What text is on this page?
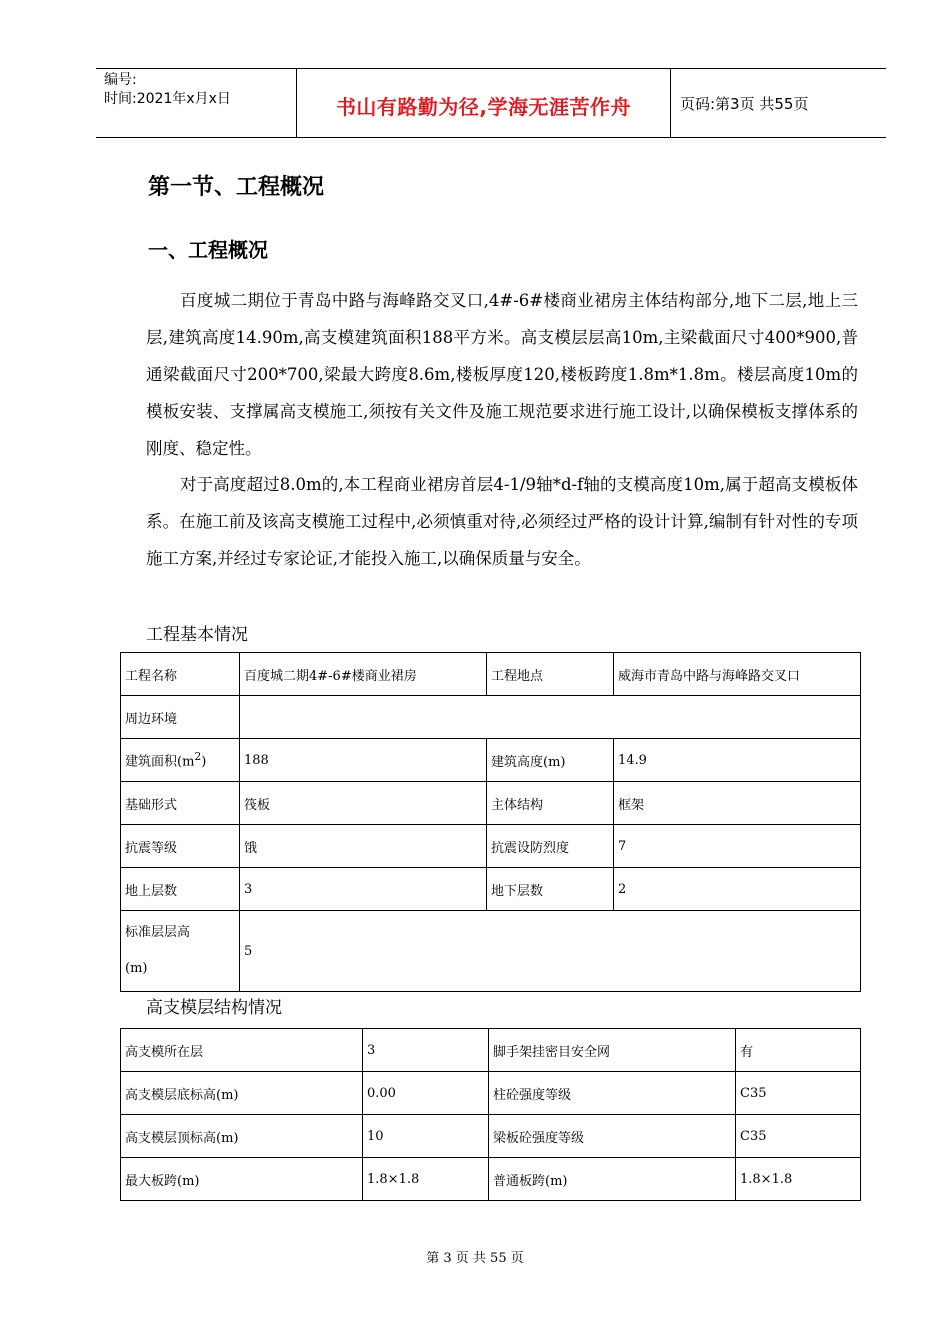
编号:
时间:2021年x月x日	书山有路勤为径,学海无涯苦作舟	页码:第3页 共55页
第一节、工程概况
一、工程概况
百度城二期位于青岛中路与海峰路交叉口,4#-6#楼商业裙房主体结构部分,地下二层,地上三层,建筑高度14.90m,高支模建筑面积188平方米。高支模层层高10m,主梁截面尺寸400*900,普通梁截面尺寸200*700,梁最大跨度8.6m,楼板厚度120,楼板跨度1.8m*1.8m。楼层高度10m的模板安装、支撑属高支模施工,须按有关文件及施工规范要求进行施工设计,以确保模板支撑体系的刚度、稳定性。
对于高度超过8.0m的,本工程商业裙房首层4-1/9轴*d-f轴的支模高度10m,属于超高支模板体系。在施工前及该高支模施工过程中,必须慎重对待,必须经过严格的设计计算,编制有针对性的专项施工方案,并经过专家论证,才能投入施工,以确保质量与安全。
工程基本情况
工程名称	百度城二期4#-6#楼商业裙房	工程地点	威海市青岛中路与海峰路交叉口
周边环境			
建筑面积$(m^2)$	188	建筑高度(m)	14.9
基础形式	筏板	主体结构	框架
抗震等级	饿	抗震设防烈度	7
地上层数	3	地下层数	2

标准层层高
(m)	5		
高支模层结构情况
高支模所在层	3	脚手架挂密目安全网	有
高支模层底标高(m)	0.00	柱砼强度等级	C35
高支模层顶标高(m)	10	梁板砼强度等级	C35
最大板跨(m)	1.8×1.8	普通板跨(m)	1.8×1.8
第 3 页 共 55 页
